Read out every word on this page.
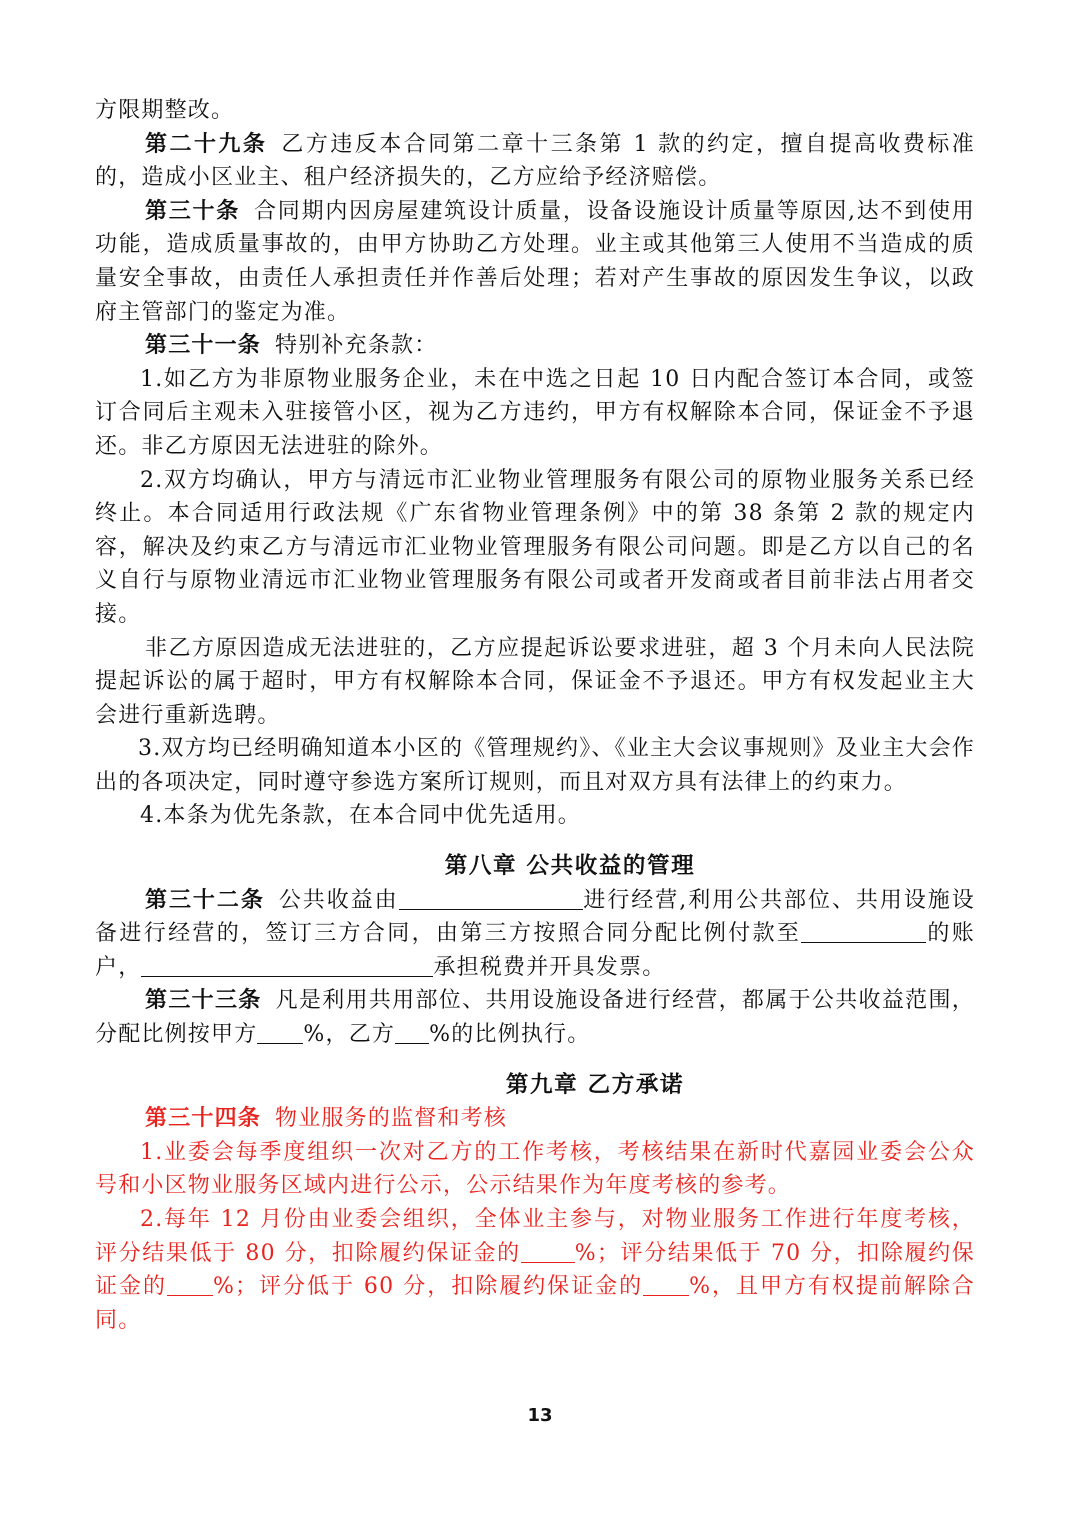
方限期整改。

第二十九条 乙方违反本合同第二章十三条第 1 款的约定，擅自提高收费标准的，造成小区业主、租户经济损失的，乙方应给予经济赔偿。

第三十条 合同期内因房屋建筑设计质量，设备设施设计质量等原因,达不到使用功能，造成质量事故的，由甲方协助乙方处理。业主或其他第三人使用不当造成的质量安全事故，由责任人承担责任并作善后处理；若对产生事故的原因发生争议，以政府主管部门的鉴定为准。

第三十一条 特别补充条款：

1.如乙方为非原物业服务企业，未在中选之日起 10 日内配合签订本合同，或签订合同后主观未入驻接管小区，视为乙方违约，甲方有权解除本合同，保证金不予退还。非乙方原因无法进驻的除外。

2.双方均确认，甲方与清远市汇业物业管理服务有限公司的原物业服务关系已经终止。本合同适用行政法规《广东省物业管理条例》中的第 38 条第 2 款的规定内容，解决及约束乙方与清远市汇业物业管理服务有限公司问题。即是乙方以自己的名义自行与原物业清远市汇业物业管理服务有限公司或者开发商或者目前非法占用者交接。

非乙方原因造成无法进驻的，乙方应提起诉讼要求进驻，超 3 个月未向人民法院提起诉讼的属于超时，甲方有权解除本合同，保证金不予退还。甲方有权发起业主大会进行重新选聘。

3.双方均已经明确知道本小区的《管理规约》、《业主大会议事规则》及业主大会作出的各项决定，同时遵守参选方案所订规则，而且对双方具有法律上的约束力。

4.本条为优先条款，在本合同中优先适用。

第八章 公共收益的管理

第三十二条 公共收益由	进行经营,利用公共部位、共用设施设备进行经营的，签订三方合同，由第三方按照合同分配比例付款至	的账户，	承担税费并开具发票。

第三十三条 凡是利用共用部位、共用设施设备进行经营，都属于公共收益范围，分配比例按甲方 %，乙方 %的比例执行。

第九章 乙方承诺

第三十四条 物业服务的监督和考核

1.业委会每季度组织一次对乙方的工作考核，考核结果在新时代嘉园业委会公众号和小区物业服务区域内进行公示，公示结果作为年度考核的参考。

2.每年 12 月份由业委会组织，全体业主参与，对物业服务工作进行年度考核，评分结果低于 80 分，扣除履约保证金的 %；评分结果低于 70 分，扣除履约保证金的 %；评分低于 60 分，扣除履约保证金的 %，且甲方有权提前解除合同。

13
